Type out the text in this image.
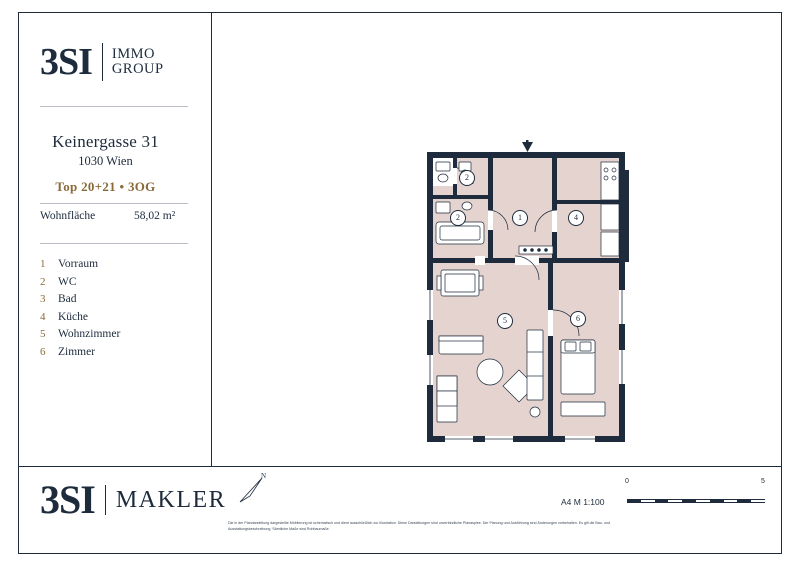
3SI IMMO
GROUP
Keinergasse 31
1030 Wien
Top 20+21 • 3OG
Wohnfläche	58,02 m²
1	Vorraum
2	WC
3	Bad
4	Küche
5	Wohnzimmer
6	Zimmer
1
2
2	4
5	6
3SI MAKLER
N
Die in der Plandarstellung dargestellte Möblierung ist schematisch und dient ausschließlich zur Illustration. Diese Darstellungen sind unverbindliche Planaspiee. Der Planung und Ausführung sind Änderungen vorbehalten. Es gilt die Bau- und Ausstattungsbeschreibung. Sämtliche Maße sind Rohbaumaße.
A4 M 1:100
0	5
